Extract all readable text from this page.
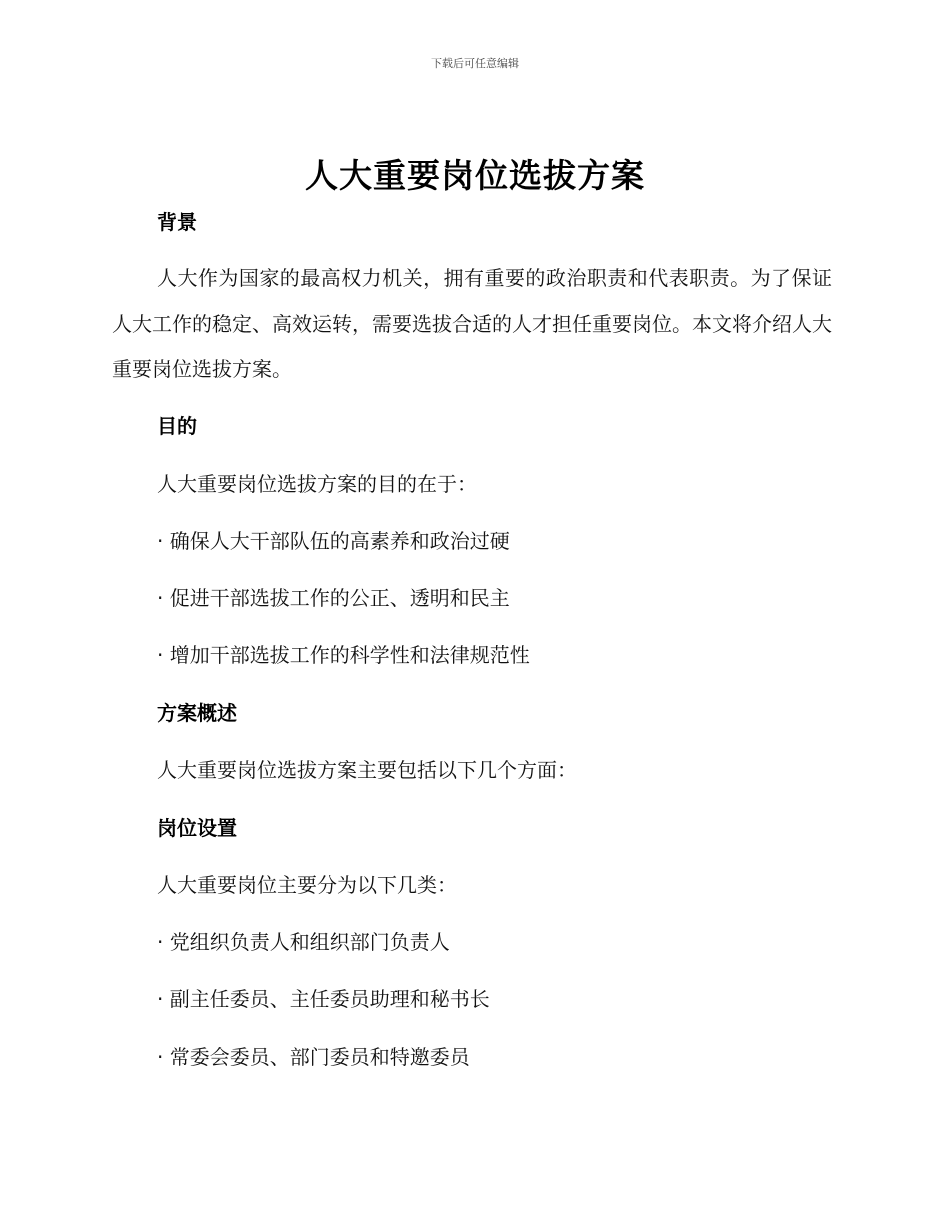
下载后可任意编辑
人大重要岗位选拔方案
背景

人大作为国家的最高权力机关，拥有重要的政治职责和代表职责。为了保证人大工作的稳定、高效运转，需要选拔合适的人才担任重要岗位。本文将介绍人大重要岗位选拔方案。

目的
人大重要岗位选拔方案的目的在于：
· 确保人大干部队伍的高素养和政治过硬
· 促进干部选拔工作的公正、透明和民主
· 增加干部选拔工作的科学性和法律规范性
方案概述
人大重要岗位选拔方案主要包括以下几个方面：
岗位设置
人大重要岗位主要分为以下几类：
· 党组织负责人和组织部门负责人
· 副主任委员、主任委员助理和秘书长
· 常委会委员、部门委员和特邀委员
